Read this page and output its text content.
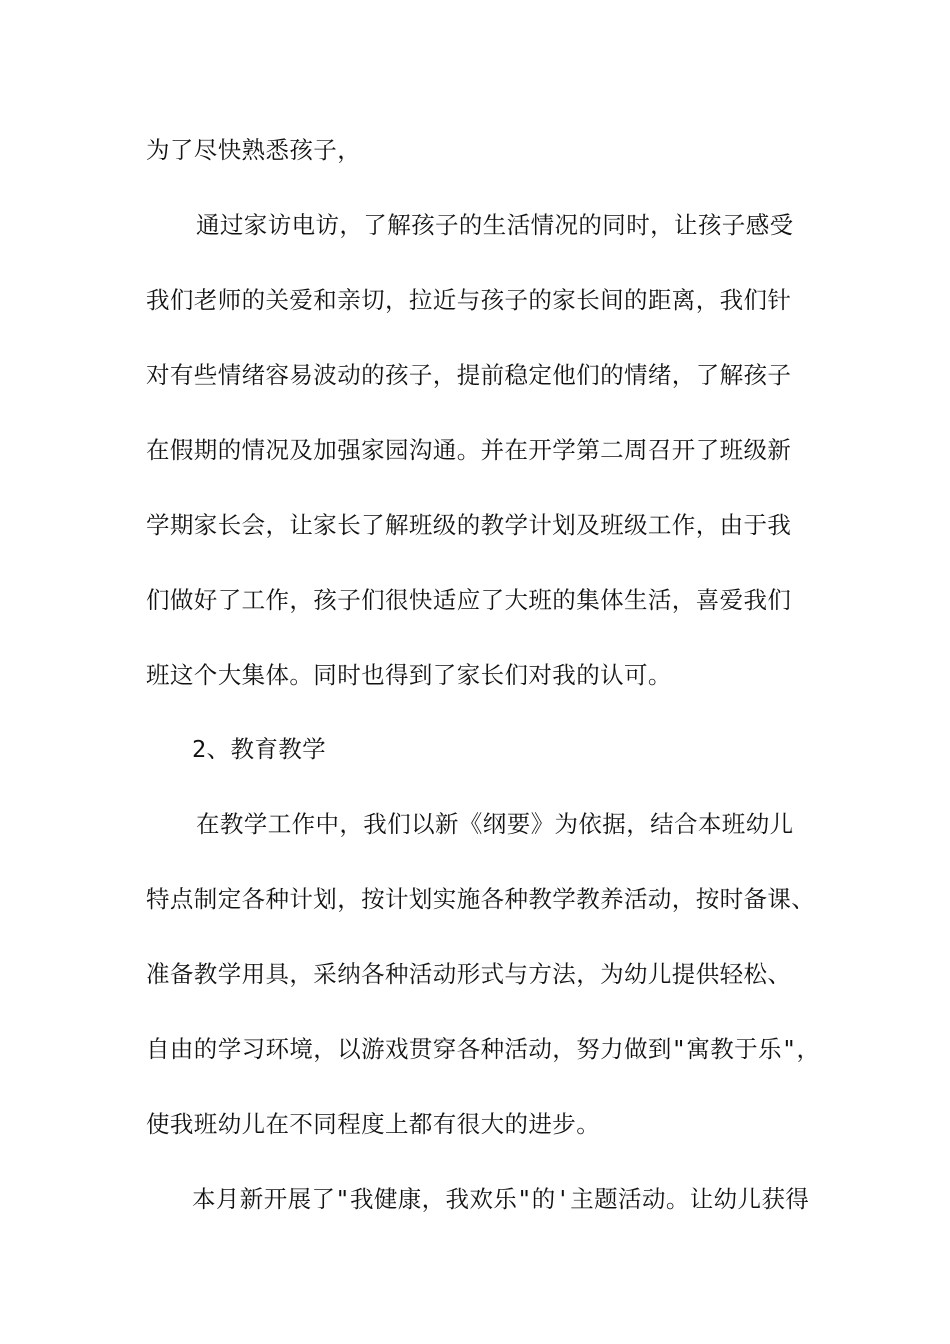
为了尽快熟悉孩子，
通过家访电访，了解孩子的生活情况的同时，让孩子感受
我们老师的关爱和亲切，拉近与孩子的家长间的距离，我们针
对有些情绪容易波动的孩子，提前稳定他们的情绪，了解孩子
在假期的情况及加强家园沟通。并在开学第二周召开了班级新
学期家长会，让家长了解班级的教学计划及班级工作，由于我
们做好了工作，孩子们很快适应了大班的集体生活，喜爱我们
班这个大集体。同时也得到了家长们对我的认可。
2、教育教学
在教学工作中，我们以新《纲要》为依据，结合本班幼儿
特点制定各种计划，按计划实施各种教学教养活动，按时备课、
准备教学用具，采纳各种活动形式与方法，为幼儿提供轻松、
自由的学习环境，以游戏贯穿各种活动，努力做到"寓教于乐"，
使我班幼儿在不同程度上都有很大的进步。
本月新开展了"我健康，我欢乐"的'主题活动。让幼儿获得
